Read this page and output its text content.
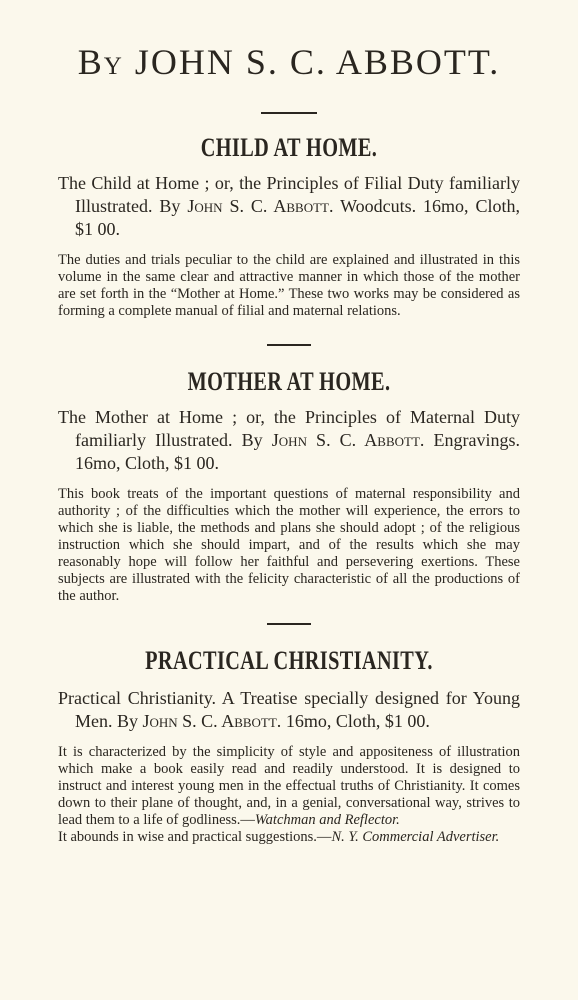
By JOHN S. C. ABBOTT.
CHILD AT HOME.

The Child at Home ; or, the Principles of Filial Duty familiarly Illustrated. By John S. C. Abbott. Woodcuts. 16mo, Cloth, $1 00.

The duties and trials peculiar to the child are explained and illustrated in this volume in the same clear and attractive manner in which those of the mother are set forth in the “Mother at Home.” These two works may be considered as forming a complete manual of filial and maternal relations.

MOTHER AT HOME.

The Mother at Home ; or, the Principles of Maternal Duty familiarly Illustrated. By John S. C. Abbott. Engravings. 16mo, Cloth, $1 00.

This book treats of the important questions of maternal responsibility and authority ; of the difficulties which the mother will experience, the errors to which she is liable, the methods and plans she should adopt ; of the religious instruction which she should impart, and of the results which she may reasonably hope will follow her faithful and persevering exertions. These subjects are illustrated with the felicity characteristic of all the productions of the author.

PRACTICAL CHRISTIANITY.

Practical Christianity. A Treatise specially designed for Young Men. By John S. C. Abbott. 16mo, Cloth, $1 00.

It is characterized by the simplicity of style and appositeness of illustration which make a book easily read and readily understood. It is designed to instruct and interest young men in the effectual truths of Christianity. It comes down to their plane of thought, and, in a genial, conversational way, strives to lead them to a life of godliness.—Watchman and Reflector.

It abounds in wise and practical suggestions.—N. Y. Commercial Advertiser.
